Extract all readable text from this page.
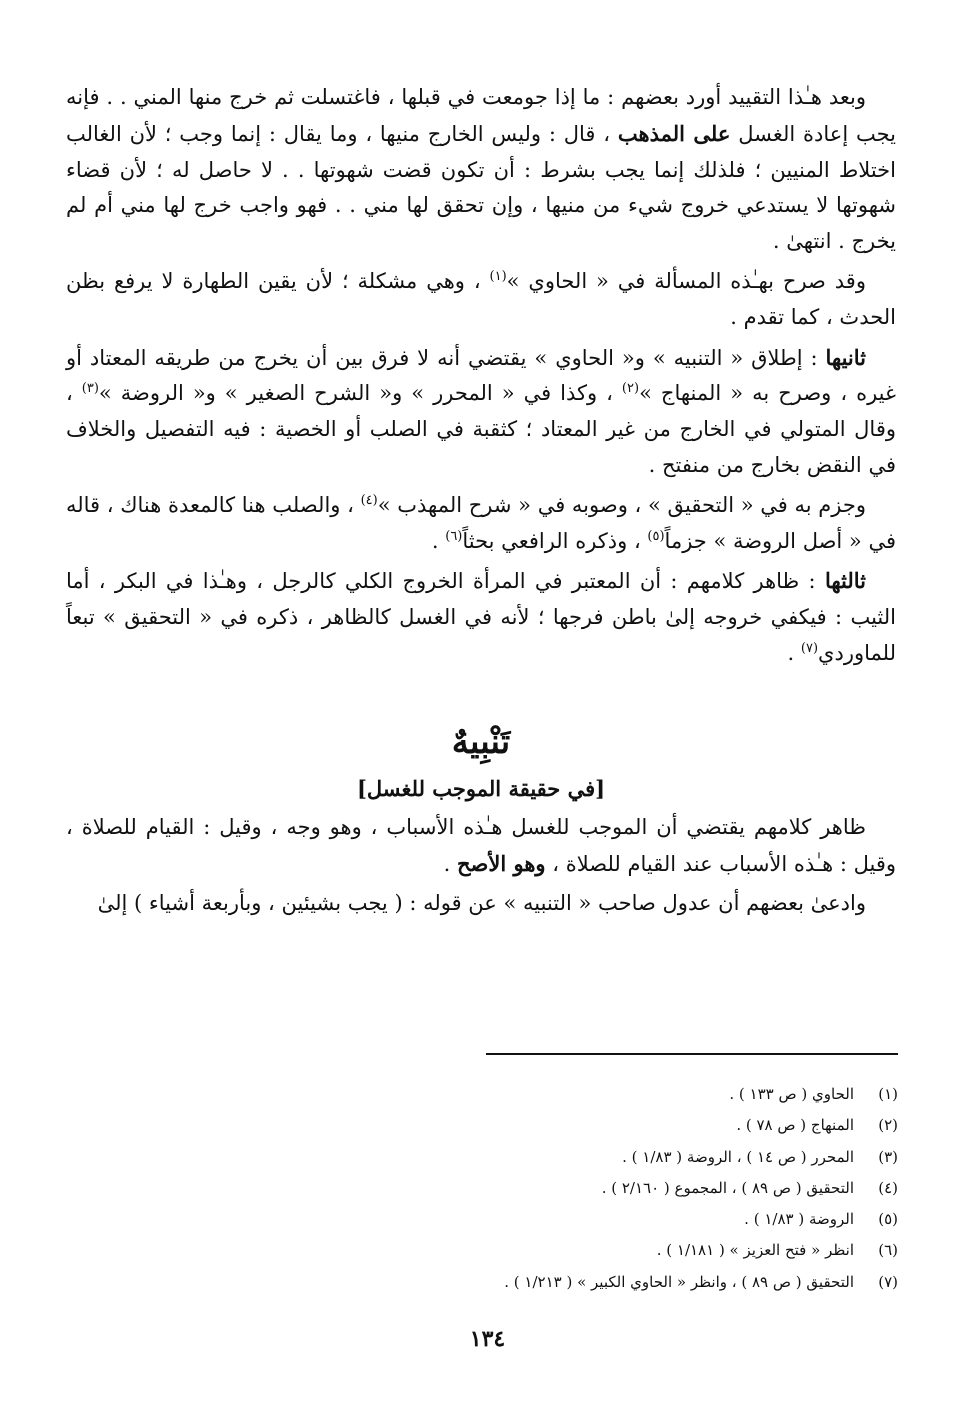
وبعد هـٰذا التقييد أورد بعضهم : ما إذا جومعت في قبلها ، فاغتسلت ثم خرج منها المني . . فإنه يجب إعادة الغسل على المذهب ، قال : وليس الخارج منيها ، وما يقال : إنما وجب ؛ لأن الغالب اختلاط المنيين ؛ فلذلك إنما يجب بشرط : أن تكون قضت شهوتها . . لا حاصل له ؛ لأن قضاء شهوتها لا يستدعي خروج شيء من منيها ، وإن تحقق لها مني . . فهو واجب خرج لها مني أم لم يخرج . انتهىٰ .

وقد صرح بهـٰذه المسألة في « الحاوي »$^{(١)}$ ، وهي مشكلة ؛ لأن يقين الطهارة لا يرفع بظن الحدث ، كما تقدم .

ثانيها : إطلاق « التنبيه » و« الحاوي » يقتضي أنه لا فرق بين أن يخرج من طريقه المعتاد أو غيره ، وصرح به « المنهاج »$^{(٢)}$ ، وكذا في « المحرر » و« الشرح الصغير » و« الروضة »$^{(٣)}$ ، وقال المتولي في الخارج من غير المعتاد ؛ كثقبة في الصلب أو الخصية : فيه التفصيل والخلاف في النقض بخارج من منفتح .

وجزم به في « التحقيق » ، وصوبه في « شرح المهذب »$^{(٤)}$ ، والصلب هنا كالمعدة هناك ، قاله في « أصل الروضة » جزماً$^{(٥)}$ ، وذكره الرافعي بحثاً$^{(٦)}$ .

ثالثها : ظاهر كلامهم : أن المعتبر في المرأة الخروج الكلي كالرجل ، وهـٰذا في البكر ، أما الثيب : فيكفي خروجه إلىٰ باطن فرجها ؛ لأنه في الغسل كالظاهر ، ذكره في « التحقيق » تبعاً للماوردي$^{(٧)}$ .

تَنْبِيهٌ
[في حقيقة الموجب للغسل]

ظاهر كلامهم يقتضي أن الموجب للغسل هـٰذه الأسباب ، وهو وجه ، وقيل : القيام للصلاة ، وقيل : هـٰذه الأسباب عند القيام للصلاة ، وهو الأصح .

وادعىٰ بعضهم أن عدول صاحب « التنبيه » عن قوله : ( يجب بشيئين ، وبأربعة أشياء ) إلىٰ

(١)
الحاوي ( ص ١٣٣ ) .
(٢)
المنهاج ( ص ٧٨ ) .
(٣)
المحرر ( ص ١٤ ) ، الروضة ( ١/٨٣ ) .
(٤)
التحقيق ( ص ٨٩ ) ، المجموع ( ٢/١٦٠ ) .
(٥)
الروضة ( ١/٨٣ ) .
(٦)
انظر « فتح العزيز » ( ١/١٨١ ) .
(٧)
التحقيق ( ص ٨٩ ) ، وانظر « الحاوي الكبير » ( ١/٢١٣ ) .
١٣٤
